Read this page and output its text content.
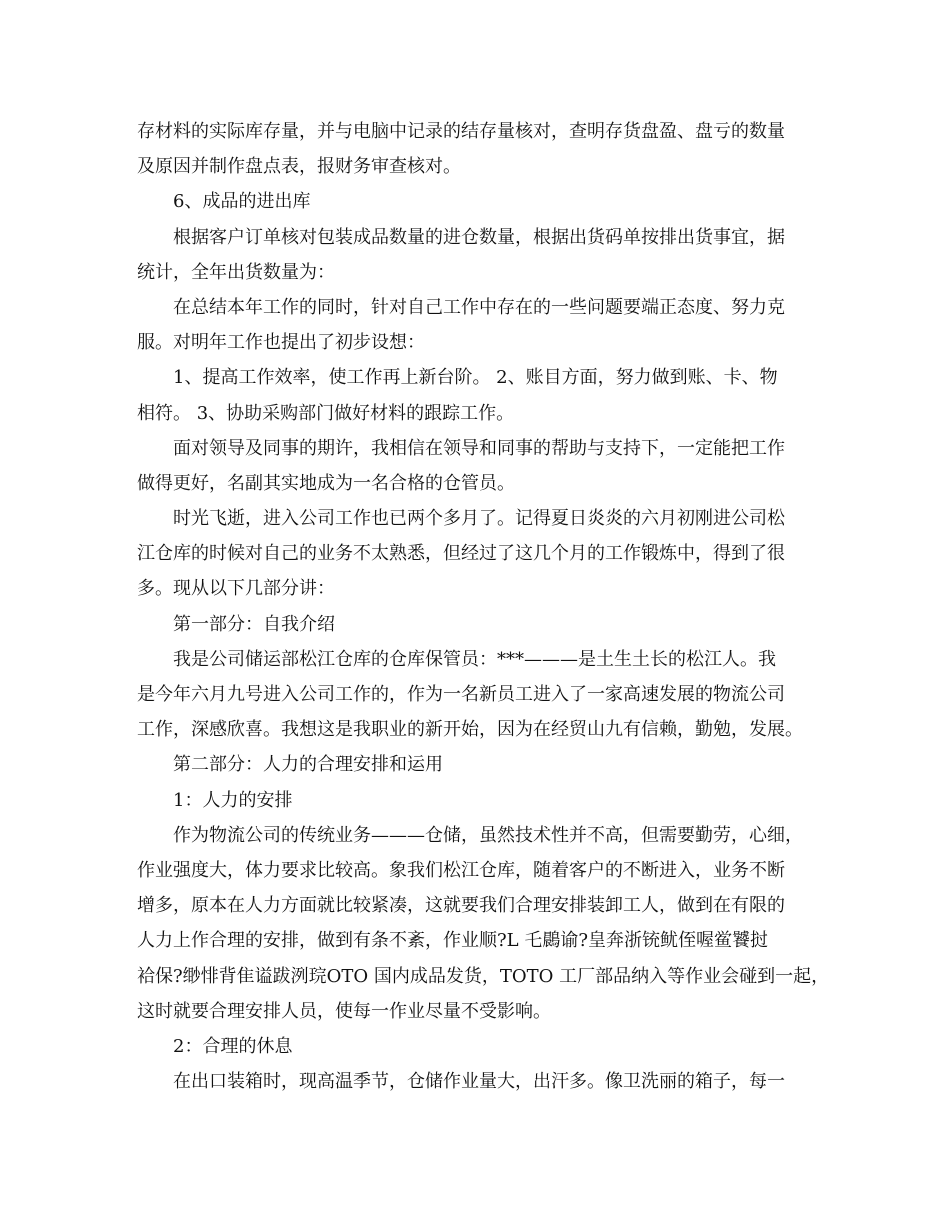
存材料的实际库存量，并与电脑中记录的结存量核对，查明存货盘盈、盘亏的数量
及原因并制作盘点表，报财务审查核对。
6、成品的进出库
根据客户订单核对包装成品数量的进仓数量，根据出货码单按排出货事宜，据
统计，全年出货数量为：
在总结本年工作的同时，针对自己工作中存在的一些问题要端正态度、努力克
服。对明年工作也提出了初步设想：
1、提高工作效率，使工作再上新台阶。 2、账目方面，努力做到账、卡、物
相符。 3、协助采购部门做好材料的跟踪工作。
面对领导及同事的期许，我相信在领导和同事的帮助与支持下，一定能把工作
做得更好，名副其实地成为一名合格的仓管员。
时光飞逝，进入公司工作也已两个多月了。记得夏日炎炎的六月初刚进公司松
江仓库的时候对自己的业务不太熟悉，但经过了这几个月的工作锻炼中，得到了很
多。现从以下几部分讲：
第一部分：自我介绍
我是公司储运部松江仓库的仓库保管员：***———是土生土长的松江人。我
是今年六月九号进入公司工作的，作为一名新员工进入了一家高速发展的物流公司
工作，深感欣喜。我想这是我职业的新开始，因为在经贸山九有信赖，勤勉，发展。
第二部分：人力的合理安排和运用
1：人力的安排
作为物流公司的传统业务———仓储，虽然技术性并不高，但需要勤劳，心细，
作业强度大，体力要求比较高。象我们松江仓库，随着客户的不断进入，业务不断
增多，原本在人力方面就比较紧凑，这就要我们合理安排装卸工人，做到在有限的
人力上作合理的安排，做到有条不紊，作业顺?L 乇鷐谕?皇奔浙铳鱿侄喔鲎饕挝
袷保?缈悱背隹谥跋洌琓OTO 国内成品发货，TOTO 工厂部品纳入等作业会碰到一起，
这时就要合理安排人员，使每一作业尽量不受影响。
2：合理的休息
在出口装箱时，现高温季节，仓储作业量大，出汗多。像卫洗丽的箱子，每一
